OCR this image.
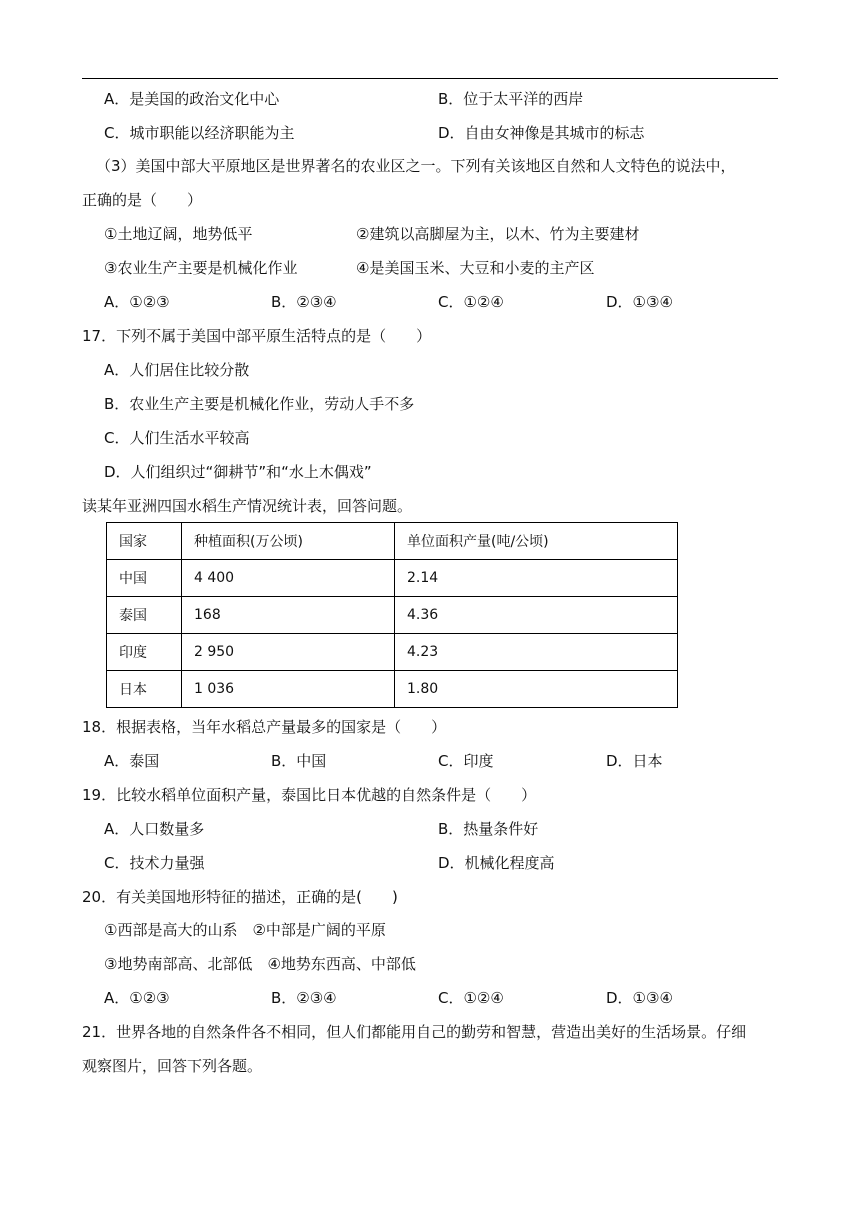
A．是美国的政治文化中心	B．位于太平洋的西岸
C．城市职能以经济职能为主	D．自由女神像是其城市的标志
（3）美国中部大平原地区是世界著名的农业区之一。下列有关该地区自然和人文特色的说法中，
正确的是（　　）
①土地辽阔，地势低平	②建筑以高脚屋为主，以木、竹为主要建材
③农业生产主要是机械化作业	④是美国玉米、大豆和小麦的主产区
A．①②③	B．②③④	C．①②④	D．①③④
17．下列不属于美国中部平原生活特点的是（　　）
A．人们居住比较分散
B．农业生产主要是机械化作业，劳动人手不多
C．人们生活水平较高
D．人们组织过“御耕节”和“水上木偶戏”
读某年亚洲四国水稻生产情况统计表，回答问题。
国家	种植面积(万公顷)	单位面积产量(吨/公顷)
中国	4 400	2.14
泰国	168	4.36
印度	2 950	4.23
日本	1 036	1.80
18．根据表格，当年水稻总产量最多的国家是（　　）
A．泰国	B．中国	C．印度	D．日本
19．比较水稻单位面积产量，泰国比日本优越的自然条件是（　　）
A．人口数量多	B．热量条件好
C．技术力量强	D．机械化程度高
20．有关美国地形特征的描述，正确的是(　　)
①西部是高大的山系　②中部是广阔的平原
③地势南部高、北部低　④地势东西高、中部低
A．①②③	B．②③④	C．①②④	D．①③④
21．世界各地的自然条件各不相同，但人们都能用自己的勤劳和智慧，营造出美好的生活场景。仔细
观察图片，回答下列各题。
